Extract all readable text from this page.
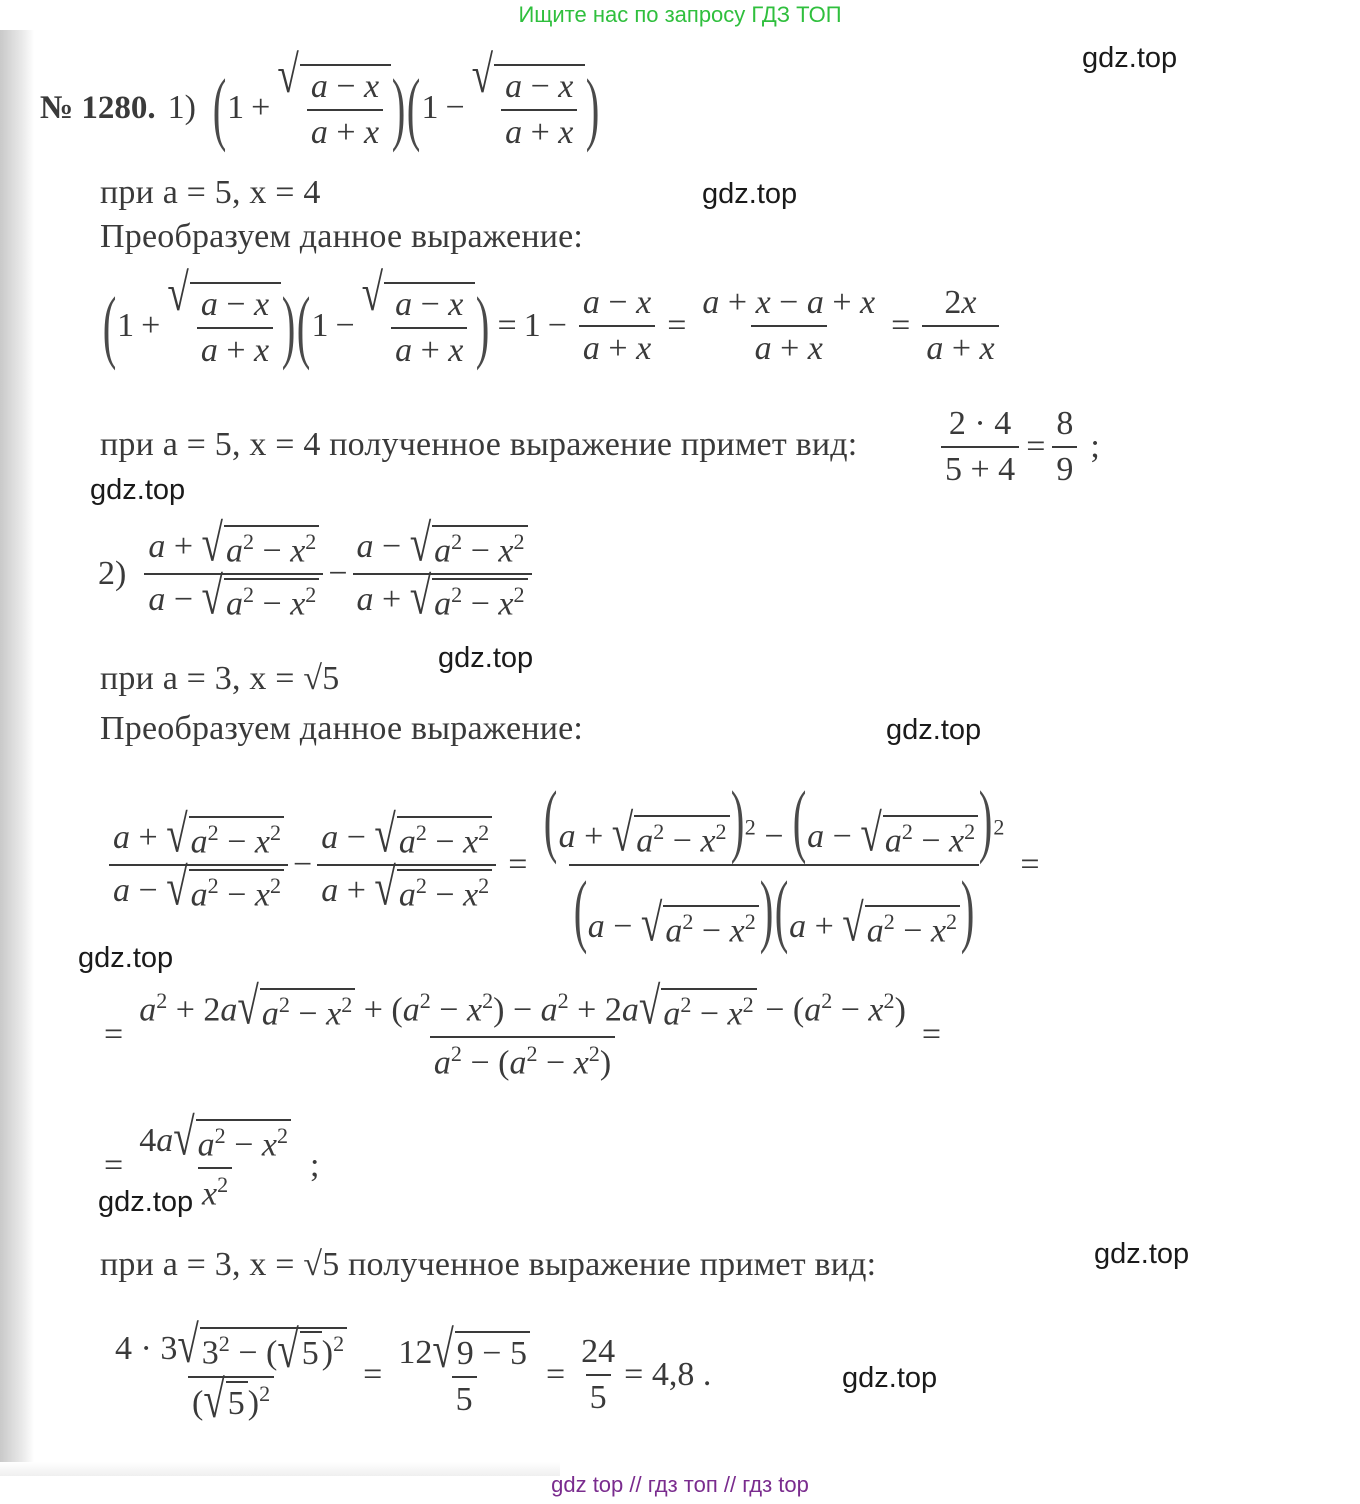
Ищите нас по запросу ГДЗ ТОП
gdz.top
gdz.top
gdz.top
gdz.top
gdz.top
gdz.top
gdz.top
gdz.top
gdz.top
№ 1280. 1) ( 1 +
√ $\frac{a - x}{a + x}$ ) ( 1 −
√ $\frac{a - x}{a + x}$ )
при a = 5, x = 4
Преобразуем данное выражение:
( 1 +
√ $\frac{a - x}{a + x}$ ) ( 1 −
√ $\frac{a - x}{a + x}$ ) = $1 - \frac{a - x}{a + x} = \frac{a + x - a + x}{a + x} = \frac{2x}{a + x}$
при a = 5, x = 4 полученное выражение примет вид: $\frac{2 \cdot 4}{5 + 4} = \frac{8}{9}$ ;
$2) \frac{a + √ a^2 - x^2}{a - √ a^2 - x^2} - \frac{a - √ a^2 - x^2}{a + √ a^2 - x^2}$
при a = 3, x = √5
Преобразуем данное выражение:
$\frac{a + √ a^2 - x^2}{a - √ a^2 - x^2} - \frac{a - √ a^2 - x^2}{a + √ a^2 - x^2} = \frac{(a + √ a^2 - x^2 )^2 - (a - √ a^2 - x^2 )^2}{(a - √ a^2 - x^2 )(a + √ a^2 - x^2 )}$ =
= $\frac{a^2 + 2a √ a^2 - x^2 + (a^2 - x^2) - a^2 + 2a √ a^2 - x^2 - (a^2 - x^2)}{a^2 - (a^2 - x^2)}$ =
= $\frac{4a √ a^2 - x^2}{x^2}$ ;
при a = 3, x = √5 полученное выражение примет вид:
$\frac{4 \cdot 3 √ 3^2 - ( √ 5 )^2}{( √ 5 )^2} = \frac{12 √ 9 - 5}{5} = \frac{24}{5} = 4,8$ .
gdz top // гдз топ // гдз top
